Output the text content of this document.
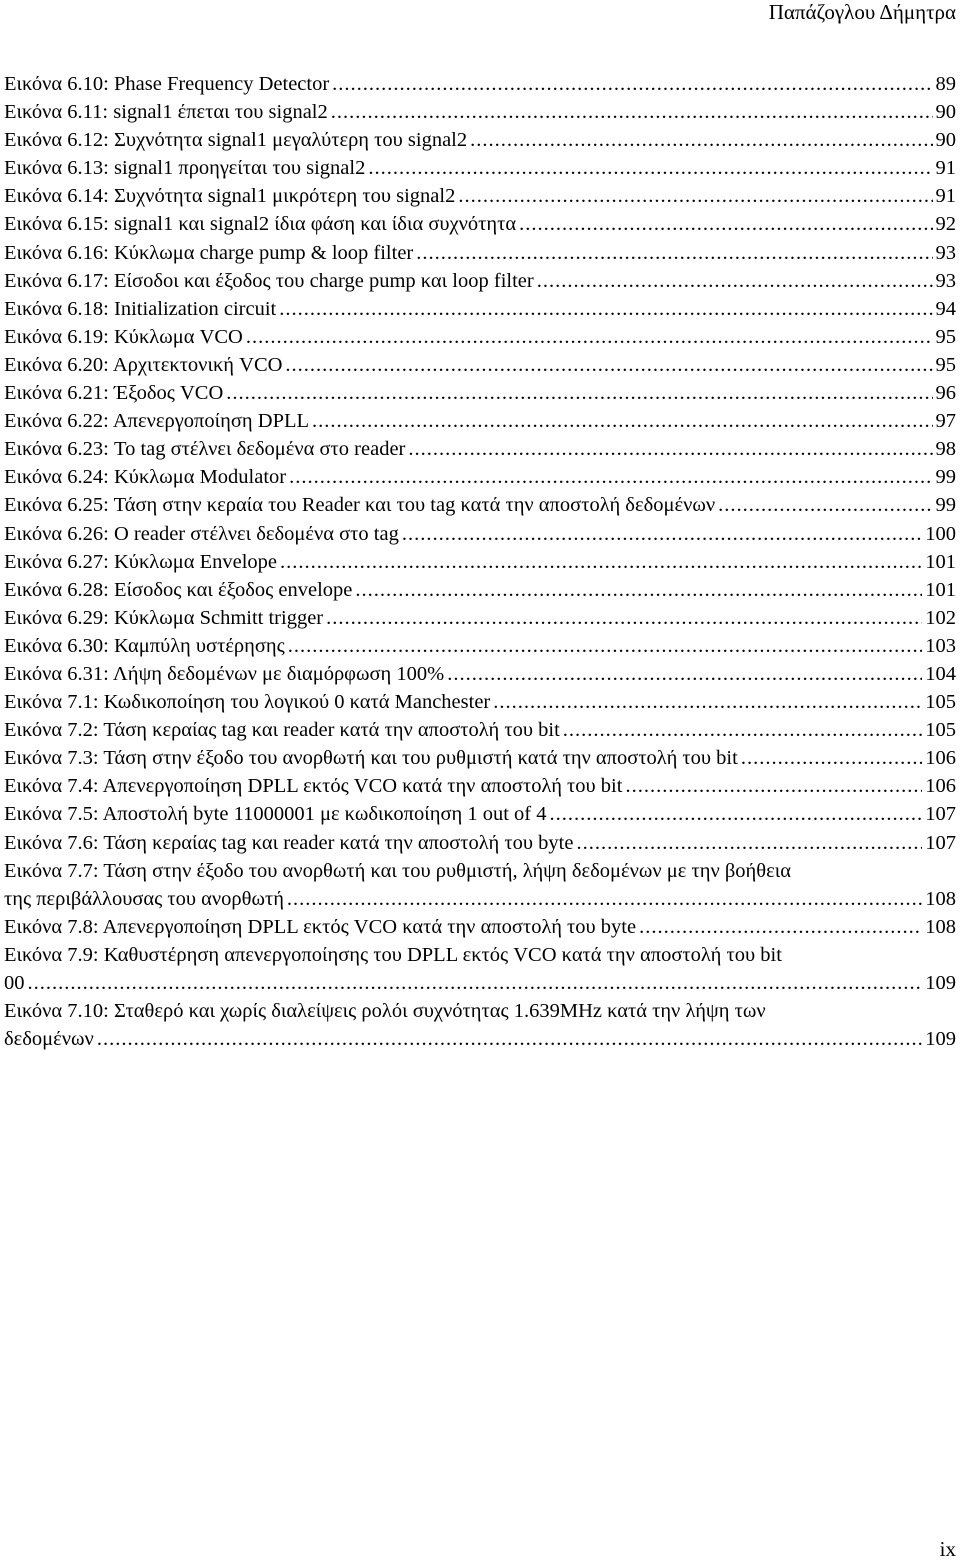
Παπάζογλου Δήμητρα
Εικόνα 6.10: Phase Frequency Detector .....	89
Εικόνα 6.11: signal1 έπεται του signal2 .....	90
Εικόνα 6.12: Συχνότητα signal1 μεγαλύτερη του signal2 .....	90
Εικόνα 6.13: signal1 προηγείται του signal2 .....	91
Εικόνα 6.14: Συχνότητα signal1 μικρότερη του signal2 .....	91
Εικόνα 6.15: signal1 και signal2 ίδια φάση και ίδια συχνότητα .....	92
Εικόνα 6.16: Κύκλωμα charge pump & loop filter .....	93
Εικόνα 6.17: Είσοδοι και έξοδος του charge pump και loop filter .....	93
Εικόνα 6.18: Initialization circuit .....	94
Εικόνα 6.19: Κύκλωμα VCO .....	95
Εικόνα 6.20: Αρχιτεκτονική VCO .....	95
Εικόνα 6.21: Έξοδος VCO .....	96
Εικόνα 6.22: Απενεργοποίηση DPLL .....	97
Εικόνα 6.23: To tag στέλνει δεδομένα στο reader .....	98
Εικόνα 6.24: Κύκλωμα Modulator .....	99
Εικόνα 6.25: Τάση στην κεραία του Reader και του tag κατά την αποστολή δεδομένων .....	99
Εικόνα 6.26: O reader στέλνει δεδομένα στο tag .....	100
Εικόνα 6.27: Κύκλωμα Envelope .....	101
Εικόνα 6.28: Είσοδος και έξοδος envelope .....	101
Εικόνα 6.29: Κύκλωμα Schmitt trigger .....	102
Εικόνα 6.30: Καμπύλη υστέρησης .....	103
Εικόνα 6.31: Λήψη δεδομένων με διαμόρφωση 100% .....	104
Εικόνα 7.1: Κωδικοποίηση του λογικού 0 κατά Manchester .....	105
Εικόνα 7.2: Τάση κεραίας tag και reader κατά την αποστολή του bit .....	105
Εικόνα 7.3: Τάση στην έξοδο του ανορθωτή και του ρυθμιστή κατά την αποστολή του bit .....	106
Εικόνα 7.4: Απενεργοποίηση DPLL εκτός VCO κατά την αποστολή του bit .....	106
Εικόνα 7.5: Αποστολή byte 11000001 με κωδικοποίηση 1 out of 4 .....	107
Εικόνα 7.6: Τάση κεραίας tag και reader κατά την αποστολή του byte .....	107
Εικόνα 7.7: Τάση στην έξοδο του ανορθωτή και του ρυθμιστή, λήψη δεδομένων με την βοήθεια
της περιβάλλουσας του ανορθωτή .....	108
Εικόνα 7.8: Απενεργοποίηση DPLL εκτός VCO κατά την αποστολή του byte .....	108
Εικόνα 7.9: Καθυστέρηση απενεργοποίησης του DPLL εκτός VCO κατά την αποστολή του bit
00 .....	109
Εικόνα 7.10: Σταθερό και χωρίς διαλείψεις ρολόι συχνότητας 1.639MHz κατά την λήψη των
δεδομένων .....	109
ix
